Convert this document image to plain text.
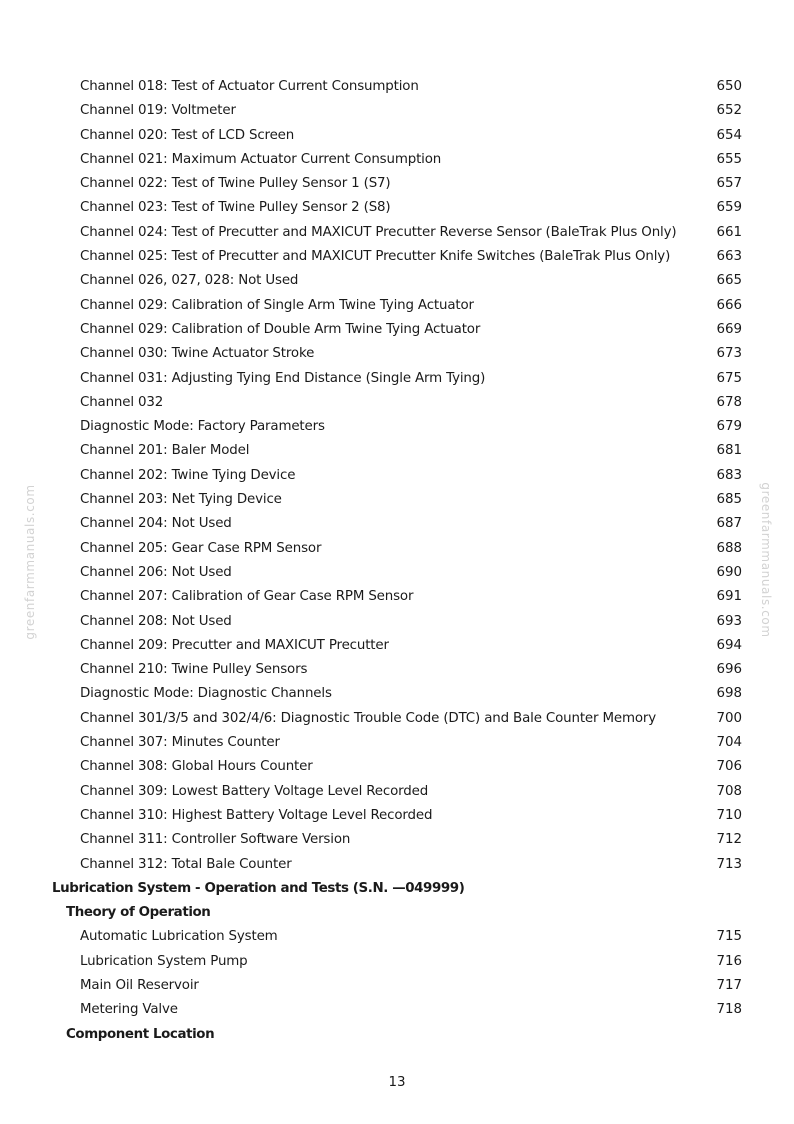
Channel 018: Test of Actuator Current Consumption	650
Channel 019: Voltmeter	652
Channel 020: Test of LCD Screen	654
Channel 021: Maximum Actuator Current Consumption	655
Channel 022: Test of Twine Pulley Sensor 1 (S7)	657
Channel 023: Test of Twine Pulley Sensor 2 (S8)	659
Channel 024: Test of Precutter and MAXICUT Precutter Reverse Sensor (BaleTrak Plus Only)	661
Channel 025: Test of Precutter and MAXICUT Precutter Knife Switches (BaleTrak Plus Only)	663
Channel 026, 027, 028: Not Used	665
Channel 029: Calibration of Single Arm Twine Tying Actuator	666
Channel 029: Calibration of Double Arm Twine Tying Actuator	669
Channel 030: Twine Actuator Stroke	673
Channel 031: Adjusting Tying End Distance (Single Arm Tying)	675
Channel 032	678
Diagnostic Mode: Factory Parameters	679
Channel 201: Baler Model	681
Channel 202: Twine Tying Device	683
Channel 203: Net Tying Device	685
Channel 204: Not Used	687
Channel 205: Gear Case RPM Sensor	688
Channel 206: Not Used	690
Channel 207: Calibration of Gear Case RPM Sensor	691
Channel 208: Not Used	693
Channel 209: Precutter and MAXICUT Precutter	694
Channel 210: Twine Pulley Sensors	696
Diagnostic Mode: Diagnostic Channels	698
Channel 301/3/5 and 302/4/6: Diagnostic Trouble Code (DTC) and Bale Counter Memory	700
Channel 307: Minutes Counter	704
Channel 308: Global Hours Counter	706
Channel 309: Lowest Battery Voltage Level Recorded	708
Channel 310: Highest Battery Voltage Level Recorded	710
Channel 311: Controller Software Version	712
Channel 312: Total Bale Counter	713
Lubrication System - Operation and Tests (S.N. —049999)
Theory of Operation
Automatic Lubrication System	715
Lubrication System Pump	716
Main Oil Reservoir	717
Metering Valve	718
Component Location
greenfarmmanuals.com	greenfarmmanuals.com
13
